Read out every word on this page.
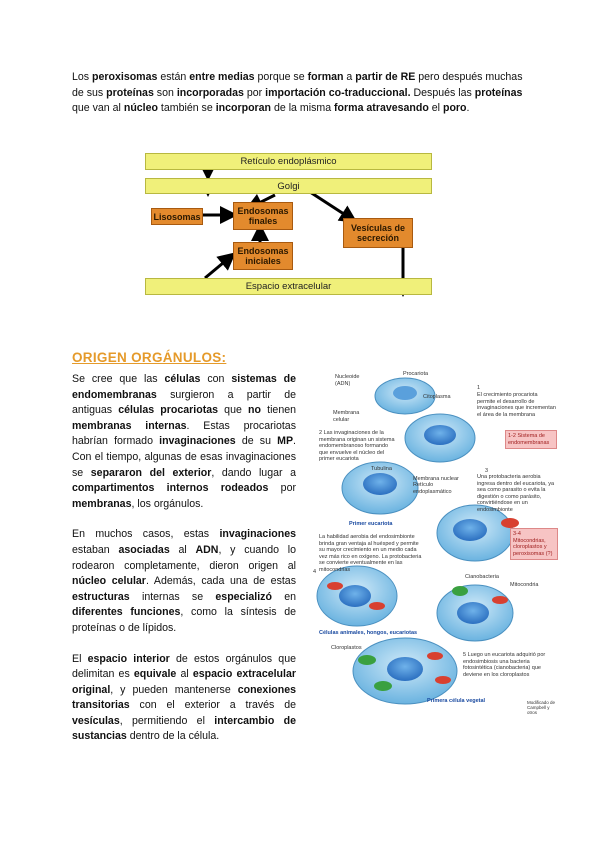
Los peroxisomas están entre medias porque se forman a partir de RE pero después muchas de sus proteínas son incorporadas por importación co-traduccional. Después las proteínas que van al núcleo también se incorporan de la misma forma atravesando el poro.
Retículo endoplásmico
Golgi
Lisosomas
Endosomas finales
Endosomas iniciales
Vesículas de secreción
Espacio extracelular
ORIGEN ORGÁNULOS:

Se cree que las células con sistemas de endomembranas surgieron a partir de antiguas células procariotas que no tienen membranas internas. Estas procariotas habrían formado invaginaciones de su MP. Con el tiempo, algunas de esas invaginaciones se separaron del exterior, dando lugar a compartimentos internos rodeados por membranas, los orgánulos.

En muchos casos, estas invaginaciones estaban asociadas al ADN, y cuando lo rodearon completamente, dieron origen al núcleo celular. Además, cada una de estas estructuras internas se especializó en diferentes funciones, como la síntesis de proteínas o de lípidos.

El espacio interior de estos orgánulos que delimitan es equivale al espacio extracelular original, y pueden mantenerse conexiones transitorias con el exterior a través de vesículas, permitiendo el intercambio de sustancias dentro de la célula.

Nucleoide (ADN)
Procariota
Citoplasma
Membrana celular
1
El crecimiento procariota permite el desarrollo de invaginaciones que incrementan el área de la membrana
2 Las invaginaciones de la membrana originan un sistema endomembranoso formando que envuelve el núcleo del primer eucariota
Tubulina
Membrana nuclear
Retículo endoplasmático
1-2 Sistema de endomembranas
3
Una protobacteria aerobia ingresa dentro del eucariota, ya sea como parasito o evita la digestión o como parásito, convirtiéndose en un endosimbionte
Primer eucariota
3-4 Mitocondrias, cloroplastos y peroxisomas (?)
La habilidad aerobia del endosimbionte brinda gran ventaja al huésped y permite su mayor crecimiento en un medio cada vez más rico en oxígeno. La protobacteria se convierte eventualmente en las mitocondrias
4
Cianobacteria
Mitocondria
Células animales, hongos, eucariotas
Cloroplastos
5 Luego un eucariota adquirió por endosimbiosis una bacteria fotosintética (cianobacteria) que deviene en los cloroplastos
Primera célula vegetal	Modificado de Campbell y otros
